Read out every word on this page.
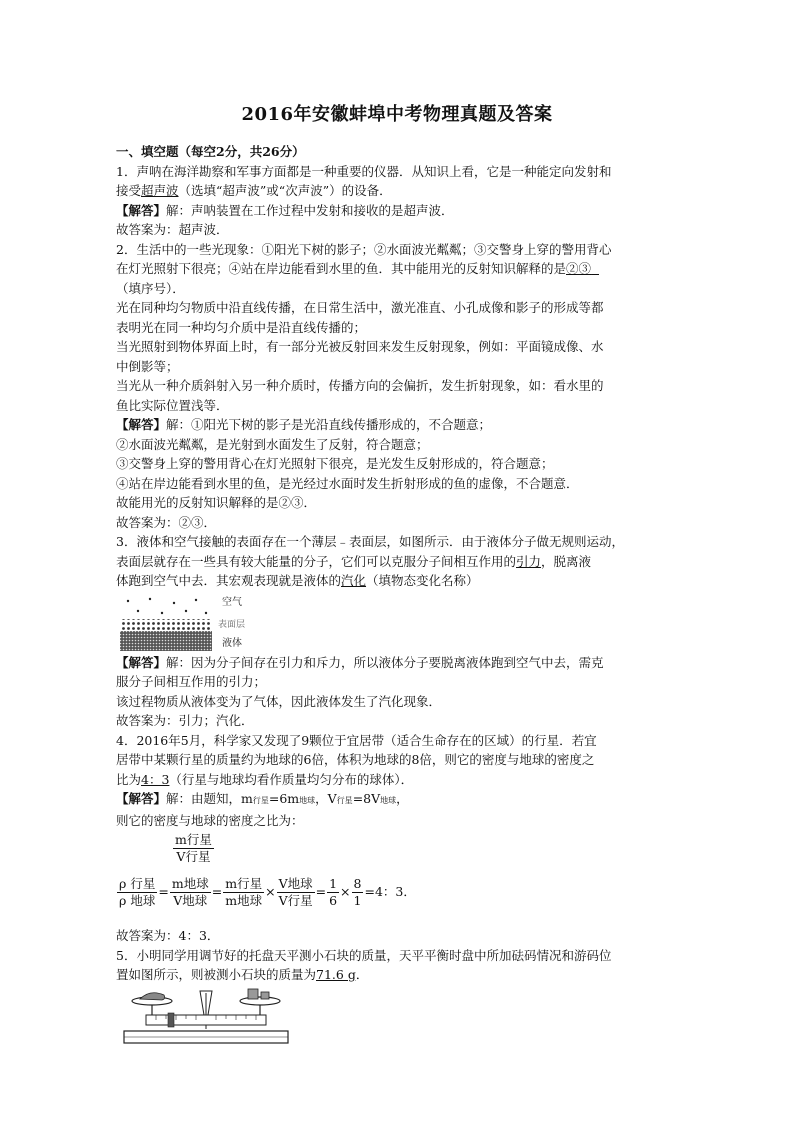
2016年安徽蚌埠中考物理真题及答案

一、填空题（每空2分，共26分）

1．声呐在海洋勘察和军事方面都是一种重要的仪器．从知识上看，它是一种能定向发射和

接受超声波（选填“超声波”或“次声波”）的设备．

【解答】解：声呐装置在工作过程中发射和接收的是超声波．

故答案为：超声波．

2．生活中的一些光现象：①阳光下树的影子；②水面波光粼粼；③交警身上穿的警用背心

在灯光照射下很亮；④站在岸边能看到水里的鱼．其中能用光的反射知识解释的是②③

（填序号）．

光在同种均匀物质中沿直线传播，在日常生活中，激光准直、小孔成像和影子的形成等都

表明光在同一种均匀介质中是沿直线传播的；

当光照射到物体界面上时，有一部分光被反射回来发生反射现象，例如：平面镜成像、水

中倒影等；

当光从一种介质斜射入另一种介质时，传播方向的会偏折，发生折射现象，如：看水里的

鱼比实际位置浅等．

【解答】解：①阳光下树的影子是光沿直线传播形成的，不合题意；

②水面波光粼粼，是光射到水面发生了反射，符合题意；

③交警身上穿的警用背心在灯光照射下很亮，是光发生反射形成的，符合题意；

④站在岸边能看到水里的鱼，是光经过水面时发生折射形成的鱼的虚像，不合题意．

故能用光的反射知识解释的是②③．

故答案为：②③．

3．液体和空气接触的表面存在一个薄层﹣表面层，如图所示．由于液体分子做无规则运动，

表面层就存在一些具有较大能量的分子，它们可以克服分子间相互作用的引力，脱离液

体跑到空气中去．其宏观表现就是液体的汽化（填物态变化名称）

空气
表面层
液体

【解答】解：因为分子间存在引力和斥力，所以液体分子要脱离液体跑到空气中去，需克

服分子间相互作用的引力；

该过程物质从液体变为了气体，因此液体发生了汽化现象．

故答案为：引力；汽化．

4．2016年5月，科学家又发现了9颗位于宜居带（适合生命存在的区域）的行星．若宜

居带中某颗行星的质量约为地球的6倍，体积为地球的8倍，则它的密度与地球的密度之

比为4：3（行星与地球均看作质量均匀分布的球体）．

【解答】解：由题知，m行星=6m地球，V行星=8V地球，

则它的密度与地球的密度之比为：

m行星
V行星
$\frac{\text{ρ 行星}}{\text{ρ 地球}} = \frac{\text{m地球}}{\text{V地球}} = \frac{\text{m行星}}{\text{m地球}} \times \frac{\text{V地球}}{\text{V行星}} = \frac{1}{6} \times \frac{8}{1} =4$：3．

故答案为：4：3．

5．小明同学用调节好的托盘天平测小石块的质量，天平平衡时盘中所加砝码情况和游码位

置如图所示，则被测小石块的质量为71.6 g．
